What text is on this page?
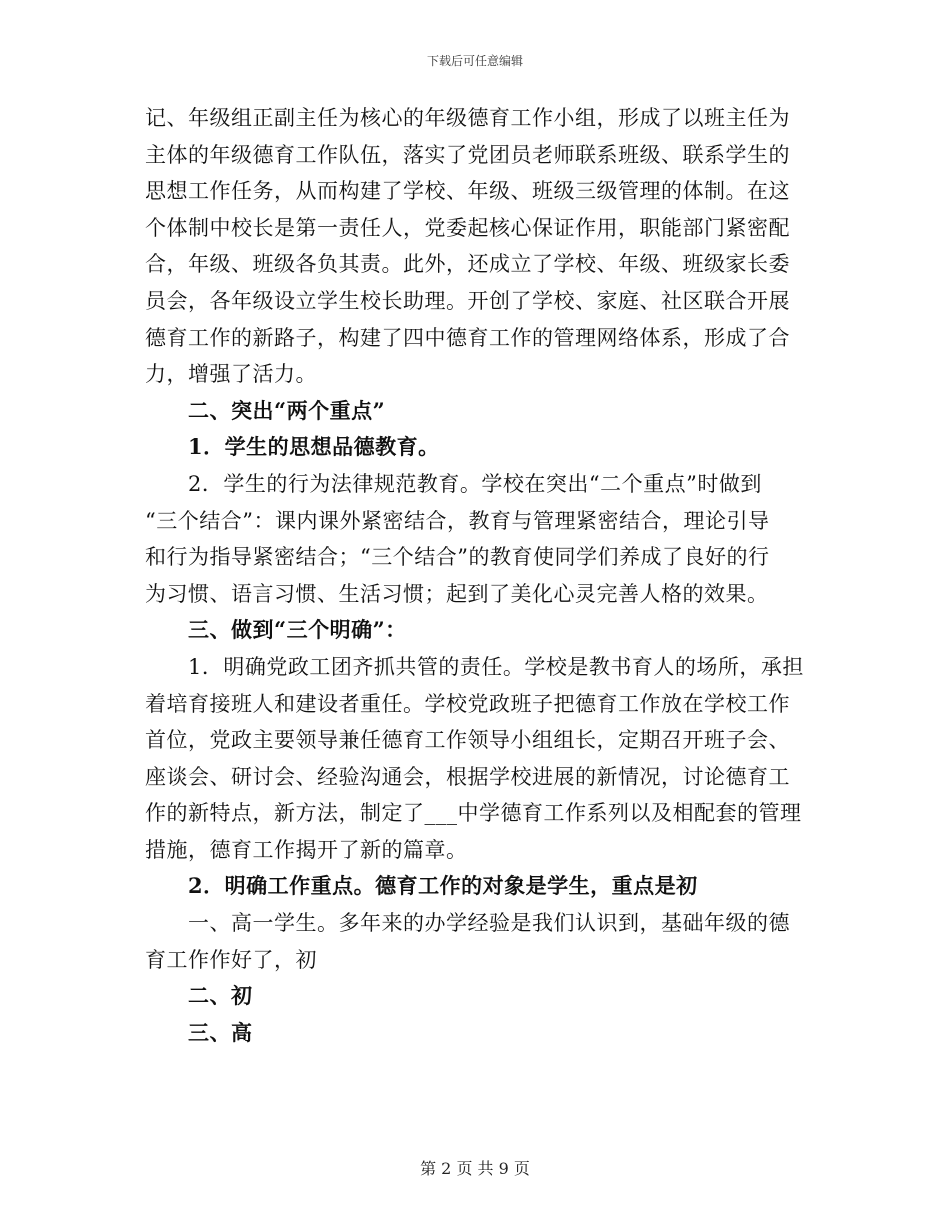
下载后可任意编辑
记、年级组正副主任为核心的年级德育工作小组，形成了以班主任为
主体的年级德育工作队伍，落实了党团员老师联系班级、联系学生的
思想工作任务，从而构建了学校、年级、班级三级管理的体制。在这
个体制中校长是第一责任人，党委起核心保证作用，职能部门紧密配
合，年级、班级各负其责。此外，还成立了学校、年级、班级家长委
员会，各年级设立学生校长助理。开创了学校、家庭、社区联合开展
德育工作的新路子，构建了四中德育工作的管理网络体系，形成了合
力，增强了活力。
二、突出“两个重点”
1．学生的思想品德教育。
2．学生的行为法律规范教育。学校在突出“二个重点”时做到
“三个结合”：课内课外紧密结合，教育与管理紧密结合，理论引导
和行为指导紧密结合；“三个结合”的教育使同学们养成了良好的行
为习惯、语言习惯、生活习惯；起到了美化心灵完善人格的效果。
三、做到“三个明确”：
1．明确党政工团齐抓共管的责任。学校是教书育人的场所，承担
着培育接班人和建设者重任。学校党政班子把德育工作放在学校工作
首位，党政主要领导兼任德育工作领导小组组长，定期召开班子会、
座谈会、研讨会、经验沟通会，根据学校进展的新情况，讨论德育工
作的新特点，新方法，制定了___中学德育工作系列以及相配套的管理
措施，德育工作揭开了新的篇章。
2．明确工作重点。德育工作的对象是学生，重点是初
一、高一学生。多年来的办学经验是我们认识到，基础年级的德
育工作作好了，初
二、初
三、高
第 2 页 共 9 页
